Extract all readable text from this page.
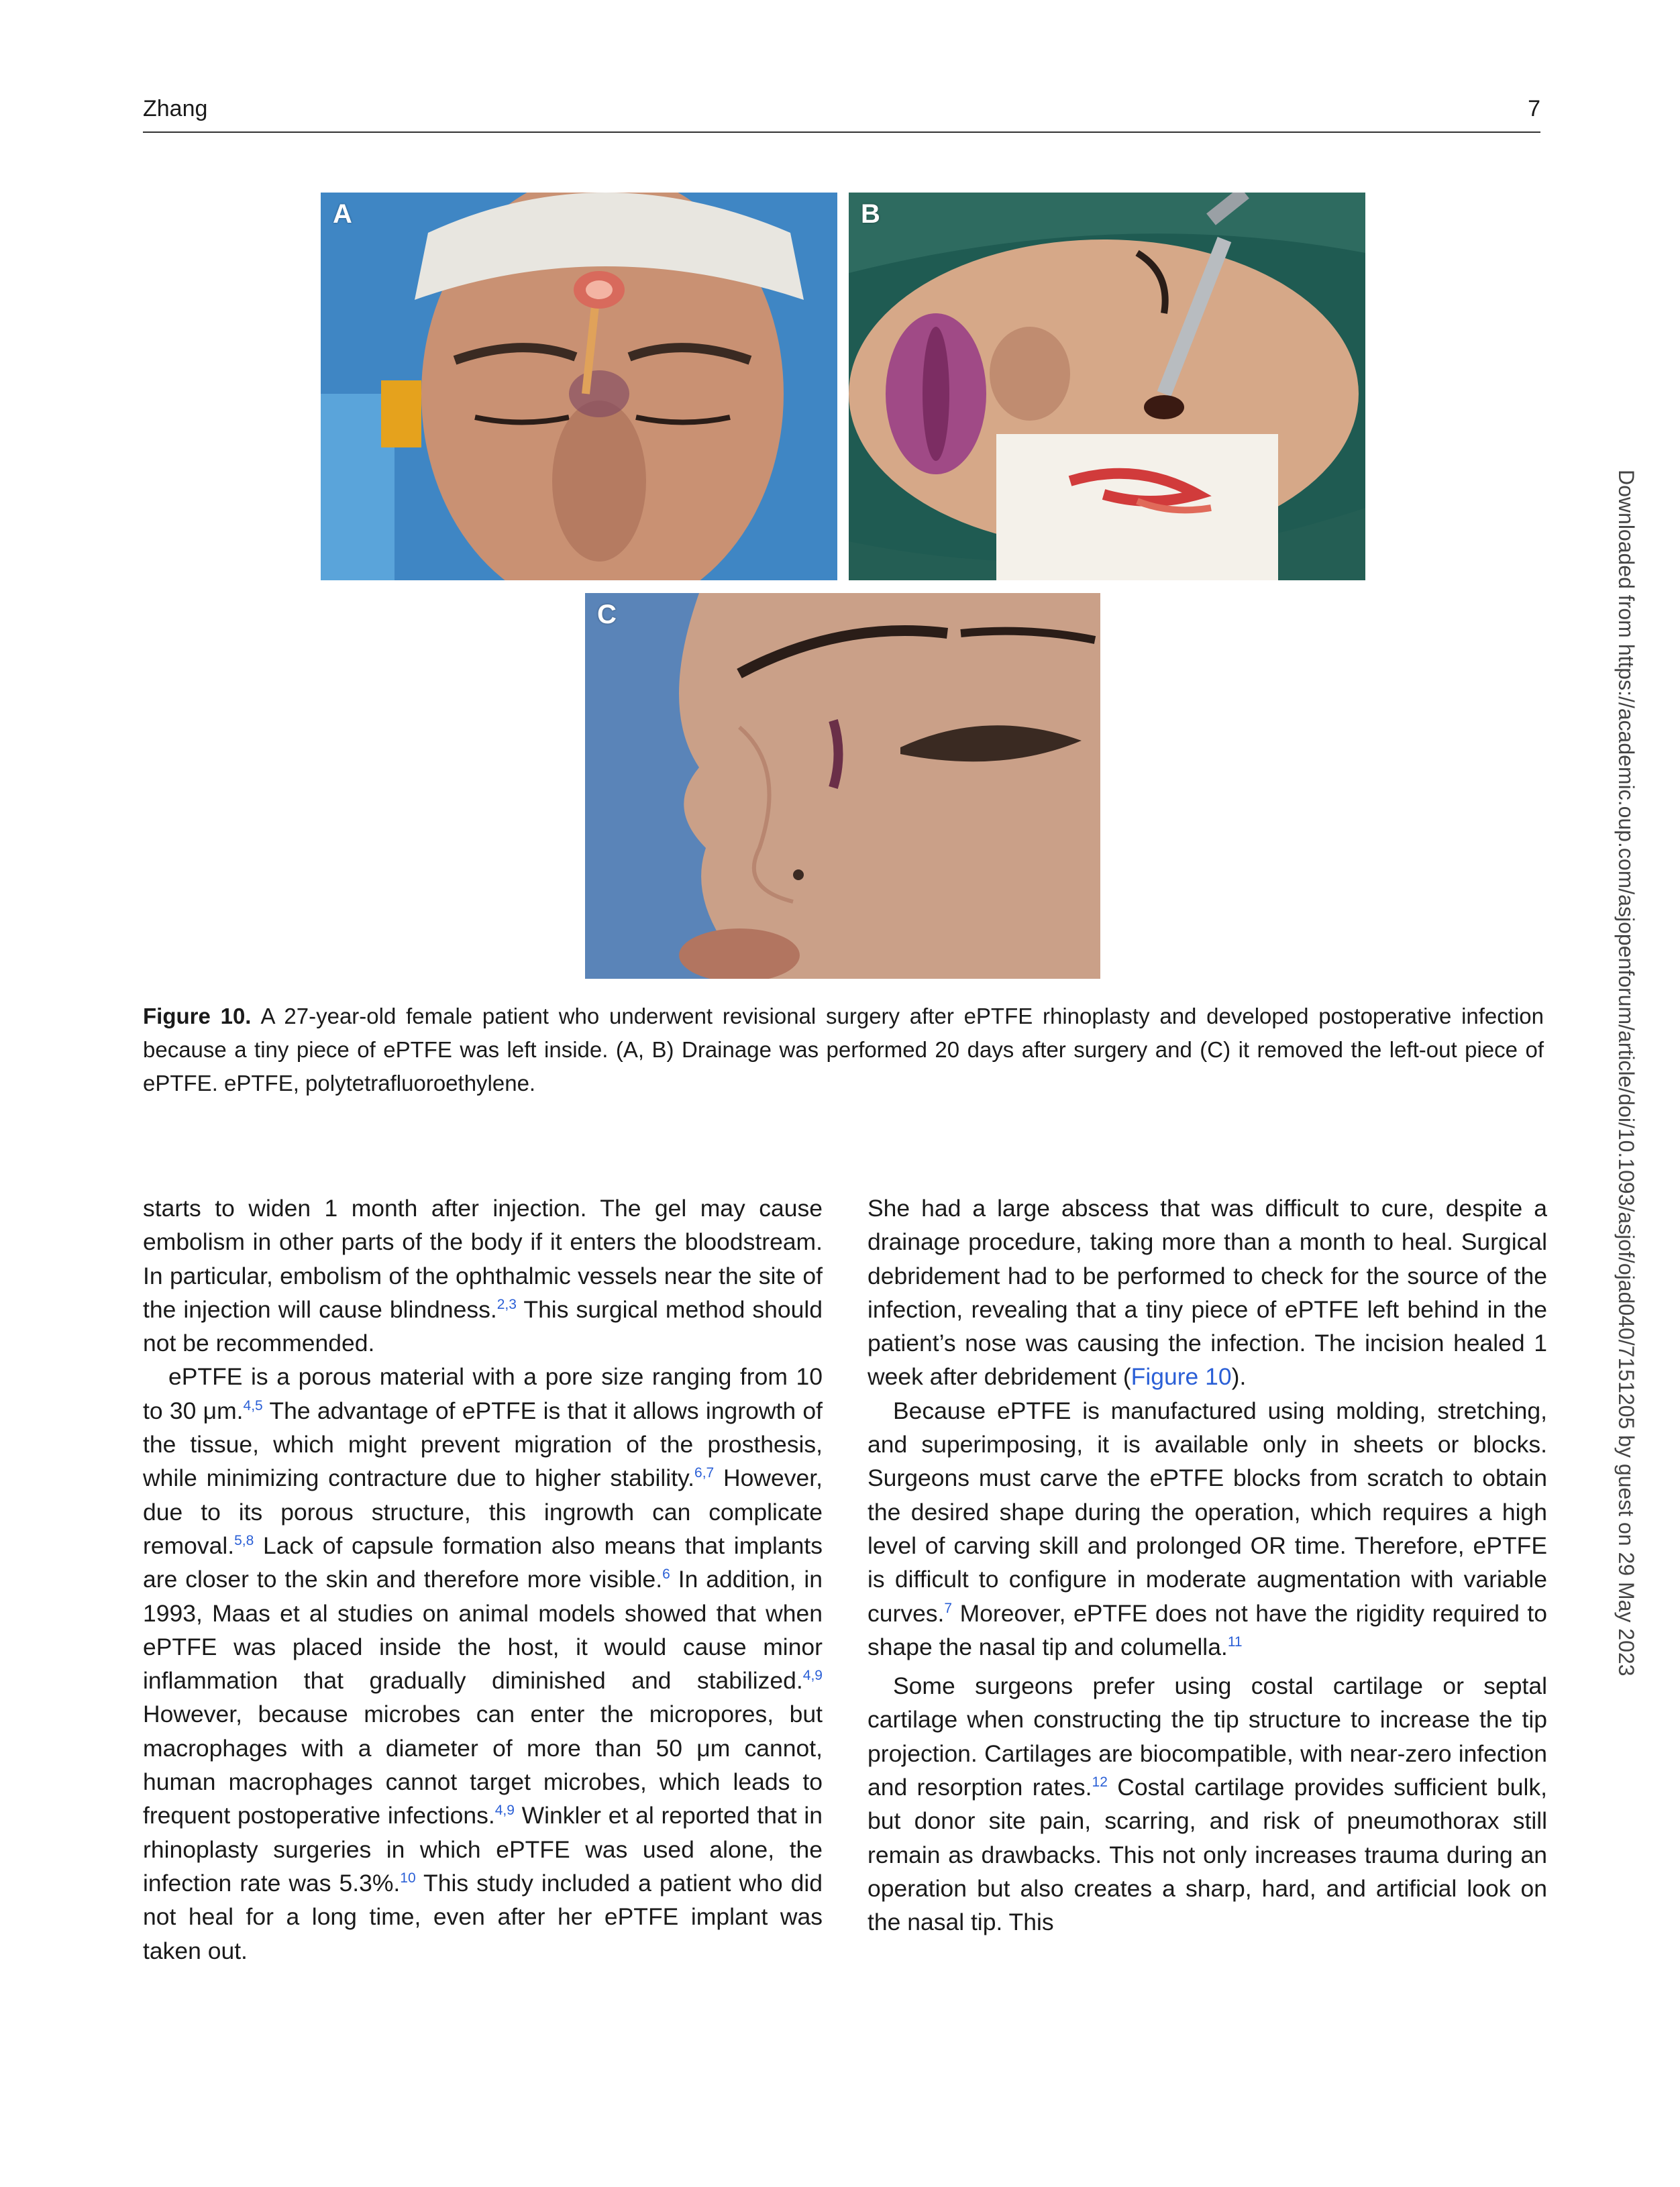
Zhang	7
A	B
C
Figure 10. A 27-year-old female patient who underwent revisional surgery after ePTFE rhinoplasty and developed postoperative infection because a tiny piece of ePTFE was left inside. (A, B) Drainage was performed 20 days after surgery and (C) it removed the left-out piece of ePTFE. ePTFE, polytetrafluoroethylene.

starts to widen 1 month after injection. The gel may cause embolism in other parts of the body if it enters the bloodstream. In particular, embolism of the ophthalmic vessels near the site of the injection will cause blindness.$^{2,3}$ This surgical method should not be recommended.

ePTFE is a porous material with a pore size ranging from 10 to 30 μm.$^{4,5}$ The advantage of ePTFE is that it allows ingrowth of the tissue, which might prevent migration of the prosthesis, while minimizing contracture due to higher stability.$^{6,7}$ However, due to its porous structure, this ingrowth can complicate removal.$^{5,8}$ Lack of capsule formation also means that implants are closer to the skin and therefore more visible.$^6$ In addition, in 1993, Maas et al studies on animal models showed that when ePTFE was placed inside the host, it would cause minor inflammation that gradually diminished and stabilized.$^{4,9}$ However, because microbes can enter the micropores, but macrophages with a diameter of more than 50 μm cannot, human macrophages cannot target microbes, which leads to frequent postoperative infections.$^{4,9}$ Winkler et al reported that in rhinoplasty surgeries in which ePTFE was used alone, the infection rate was 5.3%.$^{10}$ This study included a patient who did not heal for a long time, even after her ePTFE implant was taken out.

She had a large abscess that was difficult to cure, despite a drainage procedure, taking more than a month to heal. Surgical debridement had to be performed to check for the source of the infection, revealing that a tiny piece of ePTFE left behind in the patient’s nose was causing the infection. The incision healed 1 week after debridement (Figure 10).

Because ePTFE is manufactured using molding, stretching, and superimposing, it is available only in sheets or blocks. Surgeons must carve the ePTFE blocks from scratch to obtain the desired shape during the operation, which requires a high level of carving skill and prolonged OR time. Therefore, ePTFE is difficult to configure in moderate augmentation with variable curves.$^7$ Moreover, ePTFE does not have the rigidity required to shape the nasal tip and columella.$^{11}$

Some surgeons prefer using costal cartilage or septal cartilage when constructing the tip structure to increase the tip projection. Cartilages are biocompatible, with near-zero infection and resorption rates.$^{12}$ Costal cartilage provides sufficient bulk, but donor site pain, scarring, and risk of pneumothorax still remain as drawbacks. This not only increases trauma during an operation but also creates a sharp, hard, and artificial look on the nasal tip. This

Downloaded from https://academic.oup.com/asjopenforum/article/doi/10.1093/asjof/ojad040/7151205 by guest on 29 May 2023
